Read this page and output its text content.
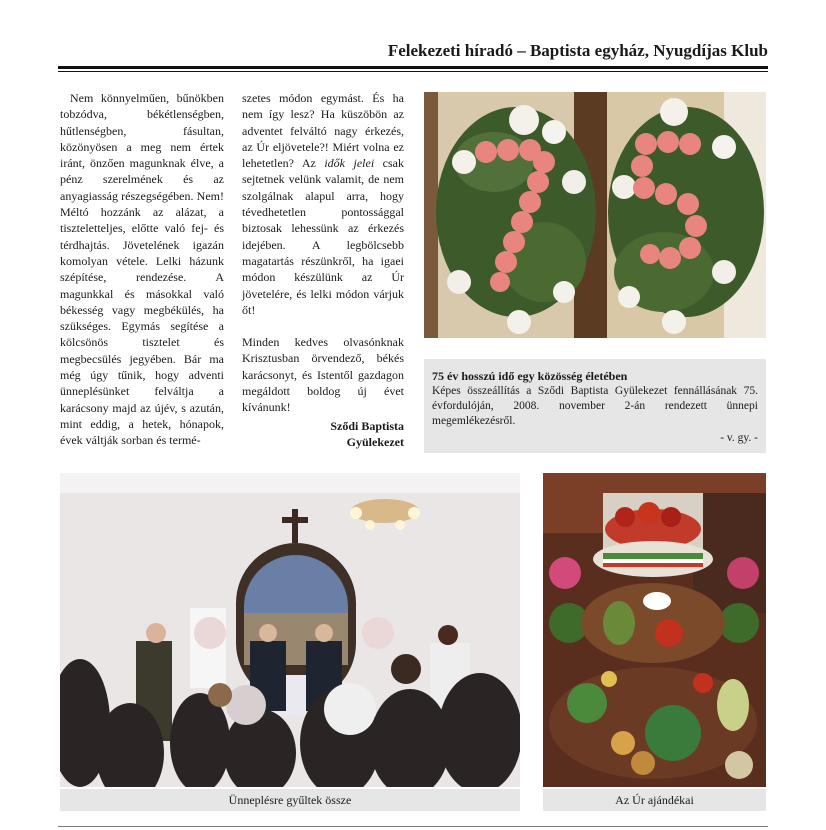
Felekezeti híradó – Baptista egyház, Nyugdíjas Klub

Nem könnyelműen, bűnökben tobzódva, békétlenségben, hűtlenségben, fásultan, közönyösen a meg nem értek iránt, önzően magunknak élve, a pénz szerelmének és az anyagiasság részegségében. Nem! Méltó hozzánk az alázat, a tiszteletteljes, előtte való fej- és térdhajtás. Jövetelének igazán komolyan vétele. Lelki házunk szépítése, rendezése. A magunkkal és másokkal való békesség vagy megbékülés, ha szükséges. Egymás segítése a kölcsönös tisztelet és megbecsülés jegyében. Bár ma még úgy tűnik, hogy adventi ünneplésünket felváltja a karácsony majd az újév, s azután, mint eddig, a hetek, hónapok, évek váltják sorban és termé-

szetes módon egymást. És ha nem így lesz? Ha küszöbön az adventet felváltó nagy érkezés, az Úr eljövetele?! Miért volna ez lehetetlen? Az idők jelei csak sejtetnek velünk valamit, de nem szolgálnak alapul arra, hogy tévedhetetlen pontossággal biztosak lehessünk az érkezés idejében. A legbölcsebb magatartás részünkről, ha igaei módon készülünk az Úr jövetelére, és lelki módon várjuk őt!

Minden kedves olvasónknak Krisztusban örvendező, békés karácsonyt, és Istentől gazdagon megáldott boldog új évet kívánunk!

Sződi Baptista
Gyülekezet
75 év hosszú idő egy közösség életében
Képes összeállítás a Sződi Baptista Gyülekezet fennállásának 75. évfordulóján, 2008. november 2-án rendezett ünnepi megemlékezésről.
- v. gy. -
Ünneplésre gyűltek össze	Az Úr ajándékai
